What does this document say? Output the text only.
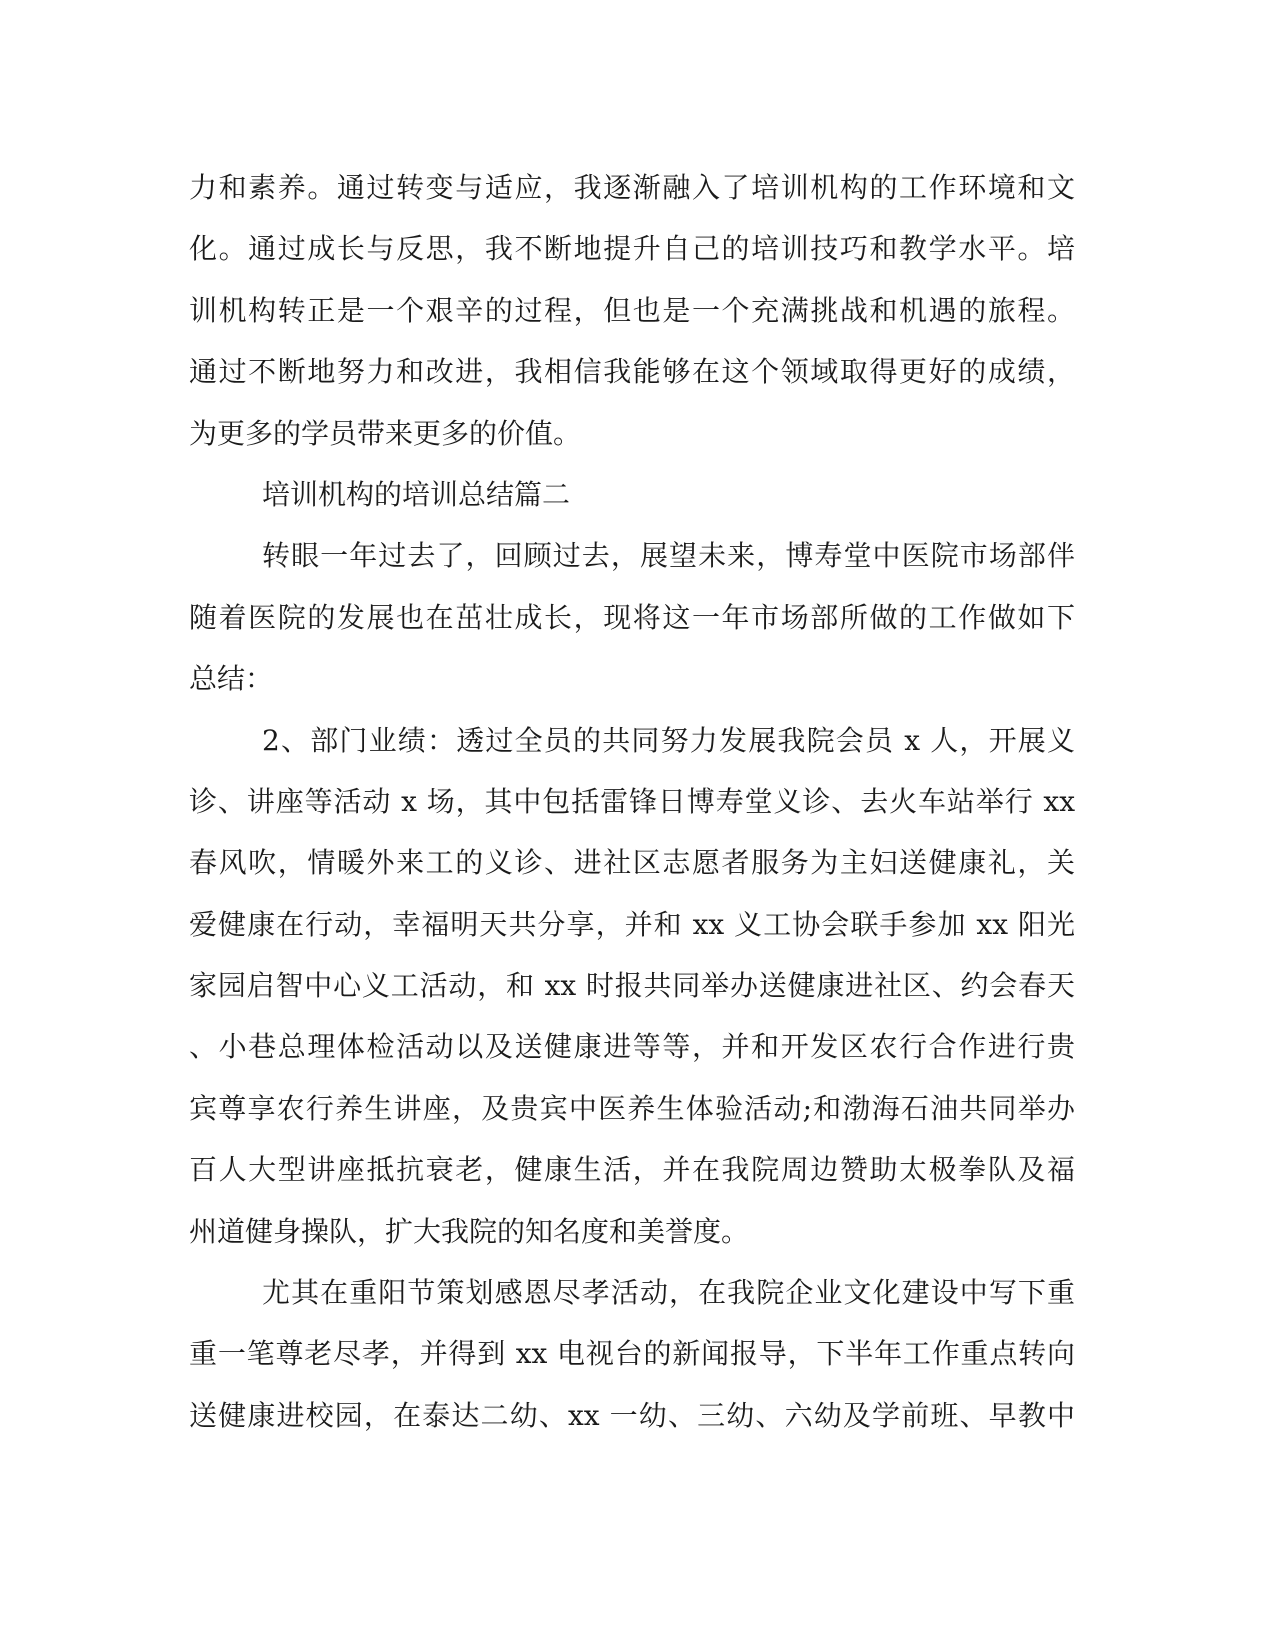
力和素养。通过转变与适应，我逐渐融入了培训机构的工作环境和文
化。通过成长与反思，我不断地提升自己的培训技巧和教学水平。培
训机构转正是一个艰辛的过程，但也是一个充满挑战和机遇的旅程。
通过不断地努力和改进，我相信我能够在这个领域取得更好的成绩，
为更多的学员带来更多的价值。
培训机构的培训总结篇二
转眼一年过去了，回顾过去，展望未来，博寿堂中医院市场部伴
随着医院的发展也在茁壮成长，现将这一年市场部所做的工作做如下
总结：
2、部门业绩：透过全员的共同努力发展我院会员 x 人，开展义
诊、讲座等活动 x 场，其中包括雷锋日博寿堂义诊、去火车站举行 xx
春风吹，情暖外来工的义诊、进社区志愿者服务为主妇送健康礼，关
爱健康在行动，幸福明天共分享，并和 xx 义工协会联手参加 xx 阳光
家园启智中心义工活动，和 xx 时报共同举办送健康进社区、约会春天
、小巷总理体检活动以及送健康进等等，并和开发区农行合作进行贵
宾尊享农行养生讲座，及贵宾中医养生体验活动;和渤海石油共同举办
百人大型讲座抵抗衰老，健康生活，并在我院周边赞助太极拳队及福
州道健身操队，扩大我院的知名度和美誉度。
尤其在重阳节策划感恩尽孝活动，在我院企业文化建设中写下重
重一笔尊老尽孝，并得到 xx 电视台的新闻报导，下半年工作重点转向
送健康进校园，在泰达二幼、xx 一幼、三幼、六幼及学前班、早教中
